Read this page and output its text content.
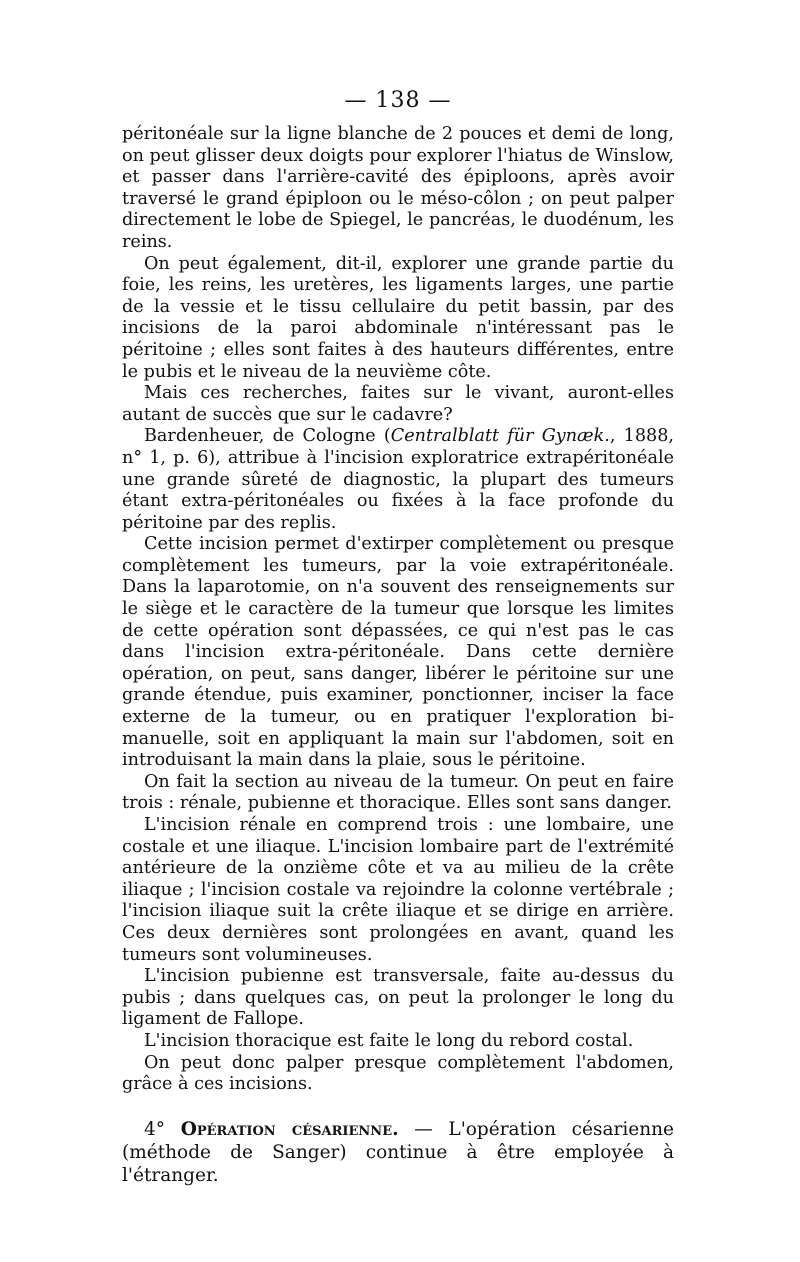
— 138 —

péritonéale sur la ligne blanche de 2 pouces et demi de long, on peut glisser deux doigts pour explorer l'hiatus de Winslow, et passer dans l'arrière-cavité des épiploons, après avoir traversé le grand épiploon ou le méso-côlon ; on peut palper directement le lobe de Spiegel, le pancréas, le duodénum, les reins.

On peut également, dit-il, explorer une grande partie du foie, les reins, les uretères, les ligaments larges, une partie de la vessie et le tissu cellulaire du petit bassin, par des incisions de la paroi abdominale n'intéressant pas le péritoine ; elles sont faites à des hauteurs différentes, entre le pubis et le niveau de la neuvième côte.

Mais ces recherches, faites sur le vivant, auront-elles autant de succès que sur le cadavre?

Bardenheuer, de Cologne (Centralblatt für Gynæk., 1888, n° 1, p. 6), attribue à l'incision exploratrice extrapéritonéale une grande sûreté de diagnostic, la plupart des tumeurs étant extra-péritonéales ou fixées à la face profonde du péritoine par des replis.

Cette incision permet d'extirper complètement ou presque complètement les tumeurs, par la voie extrapéritonéale. Dans la laparotomie, on n'a souvent des renseignements sur le siège et le caractère de la tumeur que lorsque les limites de cette opération sont dépassées, ce qui n'est pas le cas dans l'incision extra-péritonéale. Dans cette dernière opération, on peut, sans danger, libérer le péritoine sur une grande étendue, puis examiner, ponctionner, inciser la face externe de la tumeur, ou en pratiquer l'exploration bi-manuelle, soit en appliquant la main sur l'abdomen, soit en introduisant la main dans la plaie, sous le péritoine.

On fait la section au niveau de la tumeur. On peut en faire trois : rénale, pubienne et thoracique. Elles sont sans danger.

L'incision rénale en comprend trois : une lombaire, une costale et une iliaque. L'incision lombaire part de l'extrémité antérieure de la onzième côte et va au milieu de la crête iliaque ; l'incision costale va rejoindre la colonne vertébrale ; l'incision iliaque suit la crête iliaque et se dirige en arrière. Ces deux dernières sont prolongées en avant, quand les tumeurs sont volumineuses.

L'incision pubienne est transversale, faite au-dessus du pubis ; dans quelques cas, on peut la prolonger le long du ligament de Fallope.

L'incision thoracique est faite le long du rebord costal.

On peut donc palper presque complètement l'abdomen, grâce à ces incisions.

4° Opération césarienne. — L'opération césarienne (méthode de Sanger) continue à être employée à l'étranger.
